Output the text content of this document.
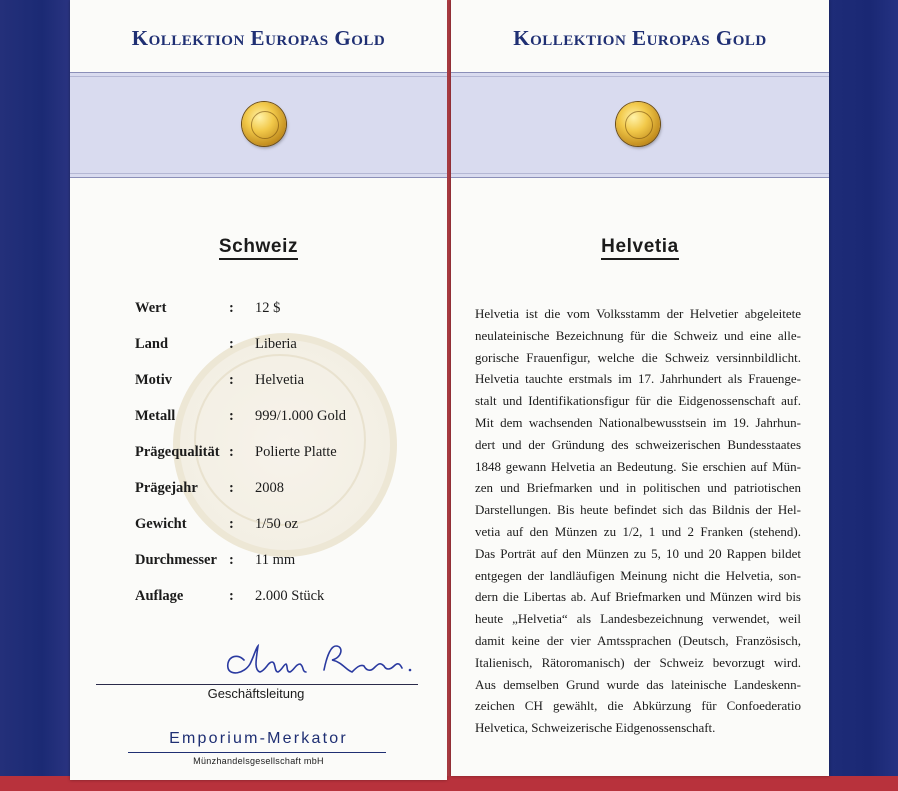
Kollektion Europas Gold
Schweiz
Wert	: 12 $
Land	: Liberia
Motiv	: Helvetia
Metall	: 999/1.000 Gold
Prägequalität : Polierte Platte
Prägejahr : 2008
Gewicht	: 1/50 oz
Durchmesser : 11 mm
Auflage	: 2.000 Stück
Geschäftsleitung
Emporium-Merkator
Münzhandelsgesellschaft mbH
Kollektion Europas Gold
Helvetia
Helvetia ist die vom Volksstamm der Helvetier abgeleitete
neulateinische Bezeichnung für die Schweiz und eine alle-
gorische Frauenfigur, welche die Schweiz versinnbildlicht.
Helvetia tauchte erstmals im 17. Jahrhundert als Frauenge-
stalt und Identifikationsfigur für die Eidgenossenschaft auf.
Mit dem wachsenden Nationalbewusstsein im 19. Jahrhun-
dert und der Gründung des schweizerischen Bundesstaates
1848 gewann Helvetia an Bedeutung. Sie erschien auf Mün-
zen und Briefmarken und in politischen und patriotischen
Darstellungen. Bis heute befindet sich das Bildnis der Hel-
vetia auf den Münzen zu 1/2, 1 und 2 Franken (stehend).
Das Porträt auf den Münzen zu 5, 10 und 20 Rappen bildet
entgegen der landläufigen Meinung nicht die Helvetia, son-
dern die Libertas ab. Auf Briefmarken und Münzen wird bis
heute „Helvetia“ als Landesbezeichnung verwendet, weil
damit keine der vier Amtssprachen (Deutsch, Französisch,
Italienisch, Rätoromanisch) der Schweiz bevorzugt wird.
Aus demselben Grund wurde das lateinische Landeskenn-
zeichen CH gewählt, die Abkürzung für Confoederatio
Helvetica, Schweizerische Eidgenossenschaft.
